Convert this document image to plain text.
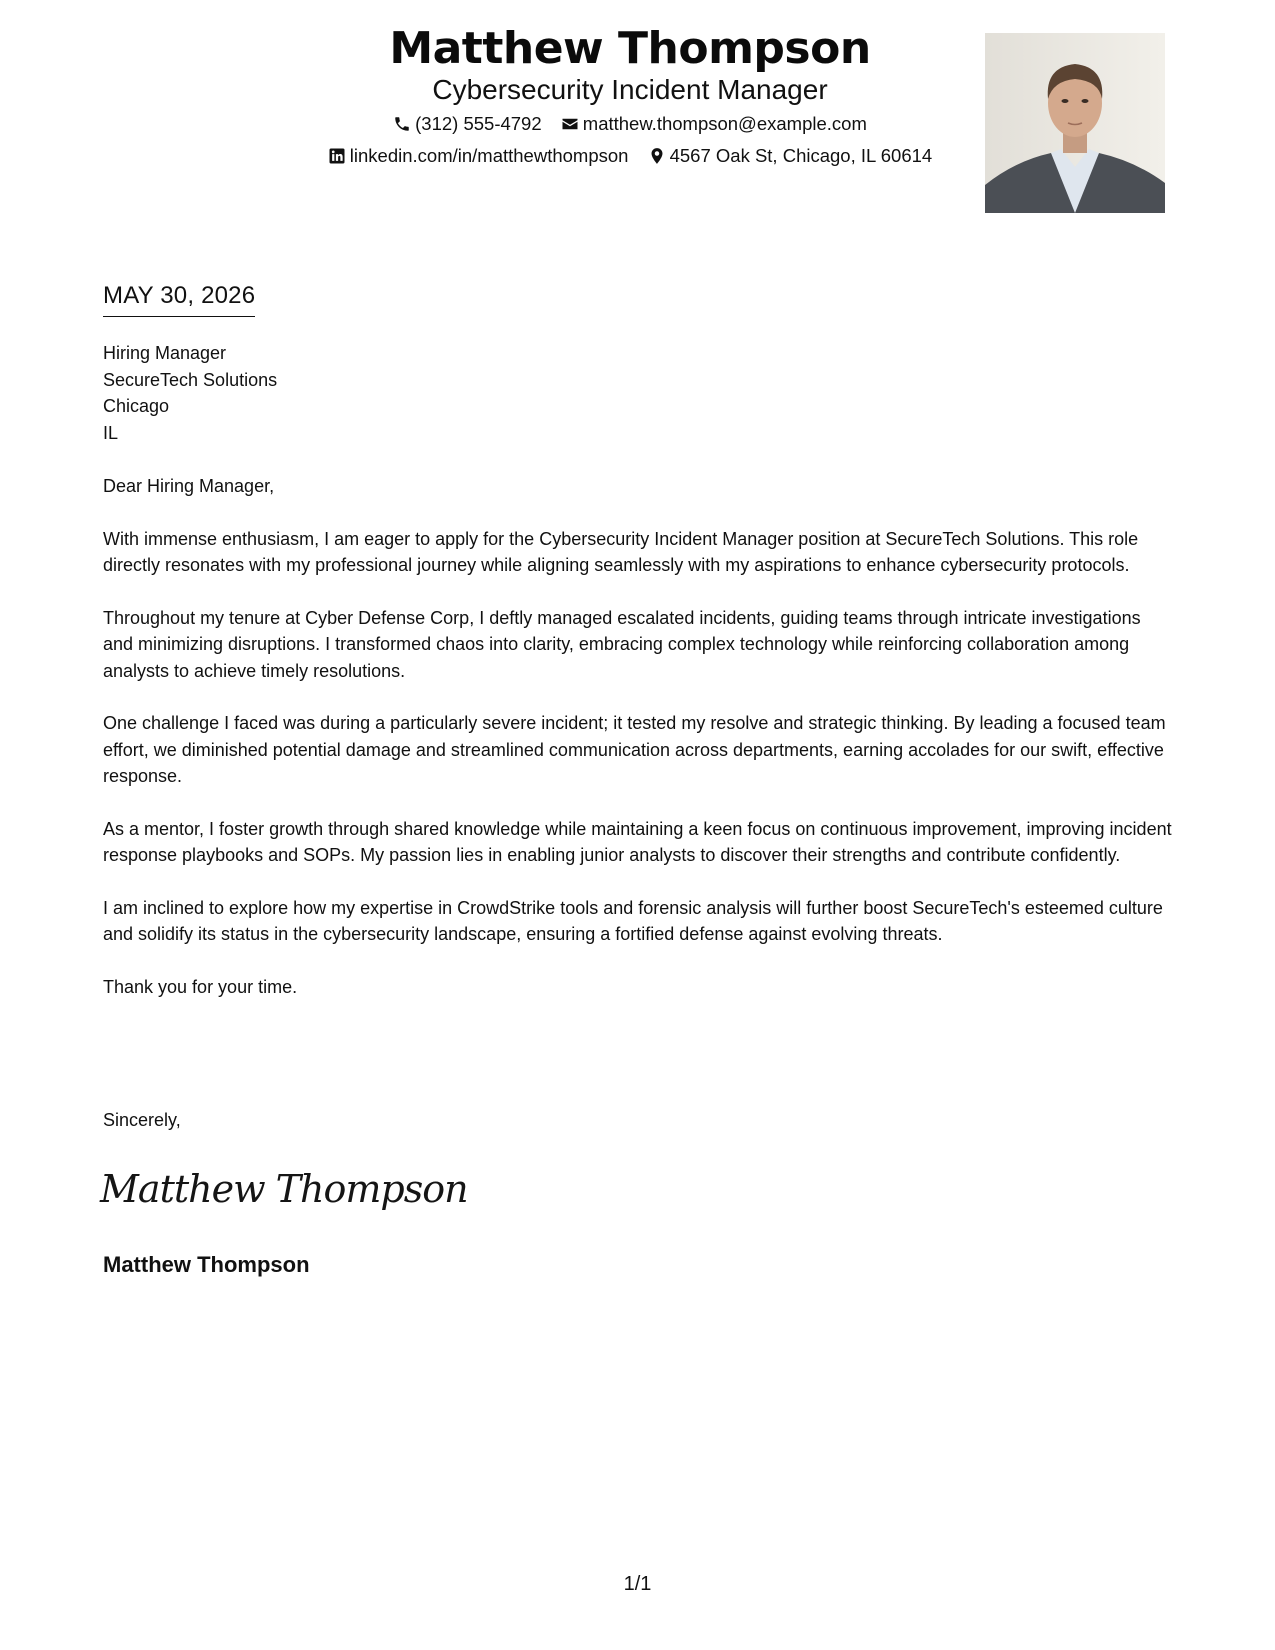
Matthew Thompson
Cybersecurity Incident Manager
(312) 555-4792 matthew.thompson@example.com
linkedin.com/in/matthewthompson 4567 Oak St, Chicago, IL 60614
MAY 30, 2026
Hiring Manager
SecureTech Solutions
Chicago
IL

Dear Hiring Manager,

With immense enthusiasm, I am eager to apply for the Cybersecurity Incident Manager position at SecureTech Solutions. This role directly resonates with my professional journey while aligning seamlessly with my aspirations to enhance cybersecurity protocols.

Throughout my tenure at Cyber Defense Corp, I deftly managed escalated incidents, guiding teams through intricate investigations and minimizing disruptions. I transformed chaos into clarity, embracing complex technology while reinforcing collaboration among analysts to achieve timely resolutions.

One challenge I faced was during a particularly severe incident; it tested my resolve and strategic thinking. By leading a focused team effort, we diminished potential damage and streamlined communication across departments, earning accolades for our swift, effective response.

As a mentor, I foster growth through shared knowledge while maintaining a keen focus on continuous improvement, improving incident response playbooks and SOPs. My passion lies in enabling junior analysts to discover their strengths and contribute confidently.

I am inclined to explore how my expertise in CrowdStrike tools and forensic analysis will further boost SecureTech's esteemed culture and solidify its status in the cybersecurity landscape, ensuring a fortified defense against evolving threats.

Thank you for your time.

Sincerely,
Matthew Thompson
Matthew Thompson
1/1
